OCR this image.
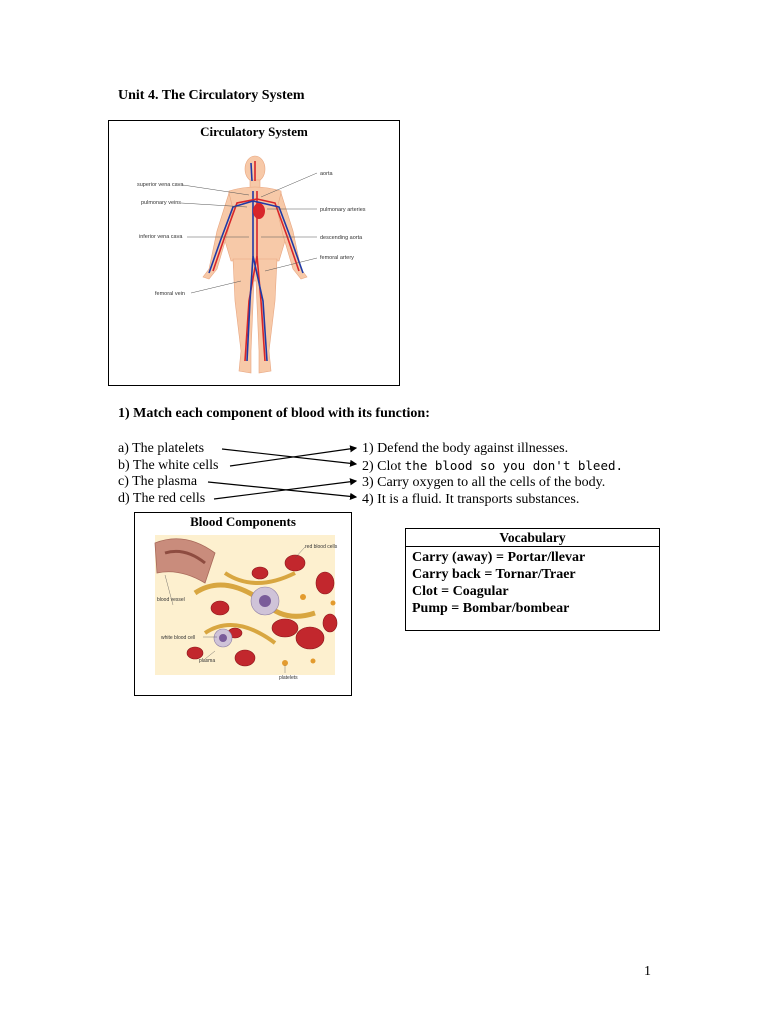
Unit 4. The Circulatory System
Circulatory System
superior vena cava
pulmonary veins
inferior vena cava
femoral vein
aorta
pulmonary arteries
descending aorta
femoral artery
1) Match each component of blood with its function:
a) The platelets
b) The white cells
c) The plasma
d) The red cells
1) Defend the body against illnesses.
2) Clot the blood so you don't bleed.
3) Carry oxygen to all the cells of the body.
4) It is a fluid. It transports substances.
Blood Components
red blood cells
blood vessel
white blood cell
plasma
platelets
Vocabulary
Carry (away) = Portar/llevar
Carry back = Tornar/Traer
Clot = Coagular
Pump = Bombar/bombear
1
